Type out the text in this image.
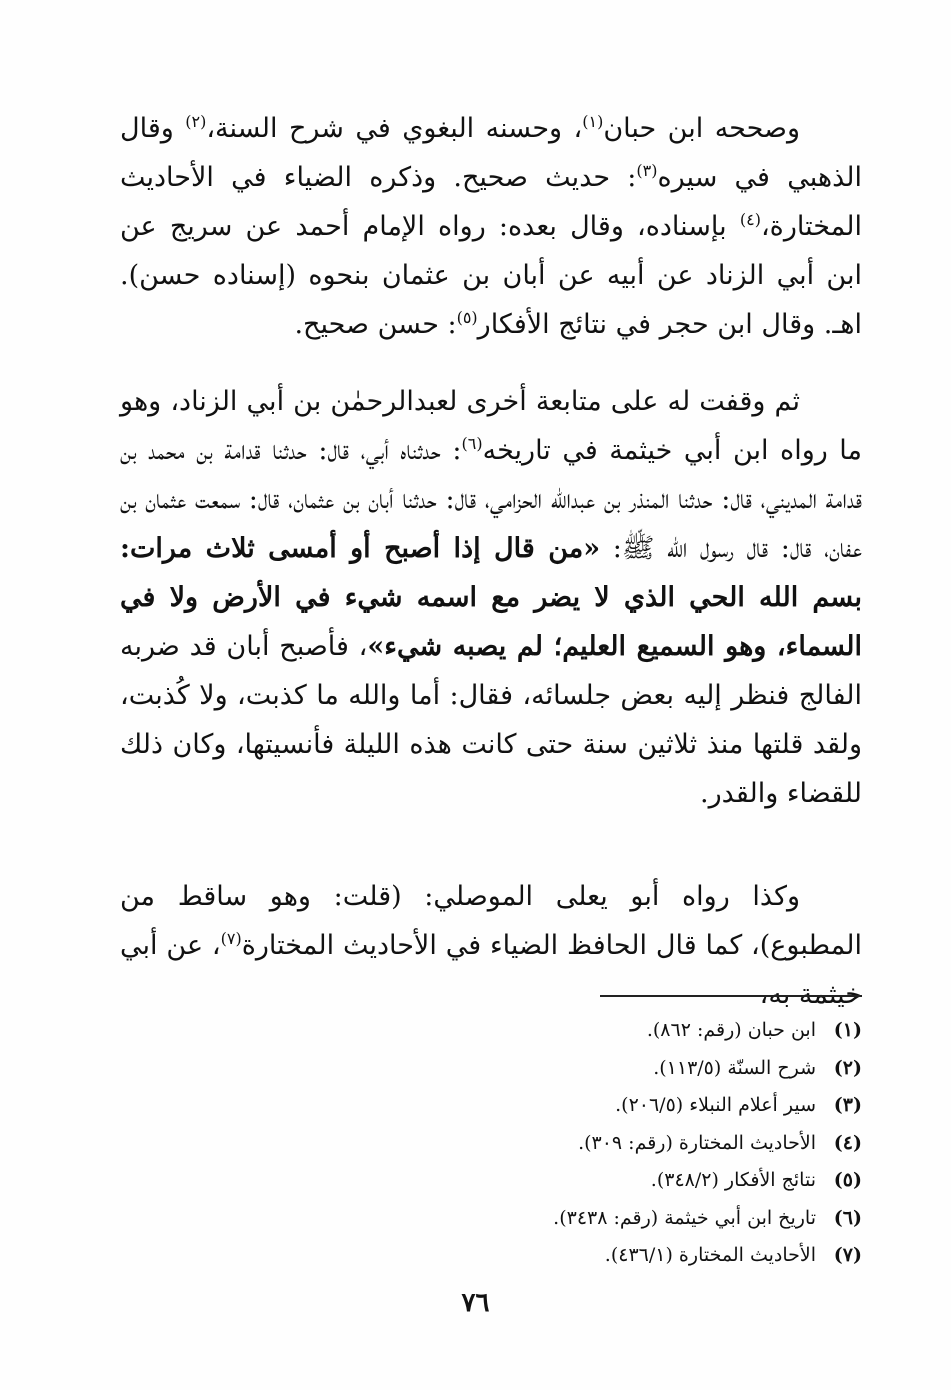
وصححه ابن حبان$^{(١)}$، وحسنه البغوي في شرح السنة،$^{(٢)}$ وقال الذهبي في سيره$^{(٣)}$: حديث صحيح. وذكره الضياء في الأحاديث المختارة،$^{(٤)}$ بإسناده، وقال بعده: رواه الإمام أحمد عن سريج عن ابن أبي الزناد عن أبيه عن أبان بن عثمان بنحوه (إسناده حسن). اهـ. وقال ابن حجر في نتائج الأفكار$^{(٥)}$: حسن صحيح.

ثم وقفت له على متابعة أخرى لعبدالرحمٰن بن أبي الزناد، وهو ما رواه ابن أبي خيثمة في تاريخه$^{(٦)}$: حدثناه أبي، قال: حدثنا قدامة بن محمد بن قدامة المديني، قال: حدثنا المنذر بن عبدالله الحزامي، قال: حدثنا أبان بن عثمان، قال: سمعت عثمان بن عفان، قال: قال رسول الله ﷺ: «من قال إذا أصبح أو أمسى ثلاث مرات: بسم الله الحي الذي لا يضر مع اسمه شيء في الأرض ولا في السماء، وهو السميع العليم؛ لم يصبه شيء»، فأصبح أبان قد ضربه الفالج فنظر إليه بعض جلسائه، فقال: أما والله ما كذبت، ولا كُذبت، ولقد قلتها منذ ثلاثين سنة حتى كانت هذه الليلة فأنسيتها، وكان ذلك للقضاء والقدر.

وكذا رواه أبو يعلى الموصلي: (قلت: وهو ساقط من المطبوع)، كما قال الحافظ الضياء في الأحاديث المختارة$^{(٧)}$، عن أبي خيثمة به،

(١)ابن حبان (رقم: ٨٦٢).
(٢)شرح السنّة (١١٣/٥).
(٣)سير أعلام النبلاء (٢٠٦/٥).
(٤)الأحاديث المختارة (رقم: ٣٠٩).
(٥)نتائج الأفكار (٣٤٨/٢).
(٦)تاريخ ابن أبي خيثمة (رقم: ٣٤٣٨).
(٧)الأحاديث المختارة (٤٣٦/١).
٧٦
